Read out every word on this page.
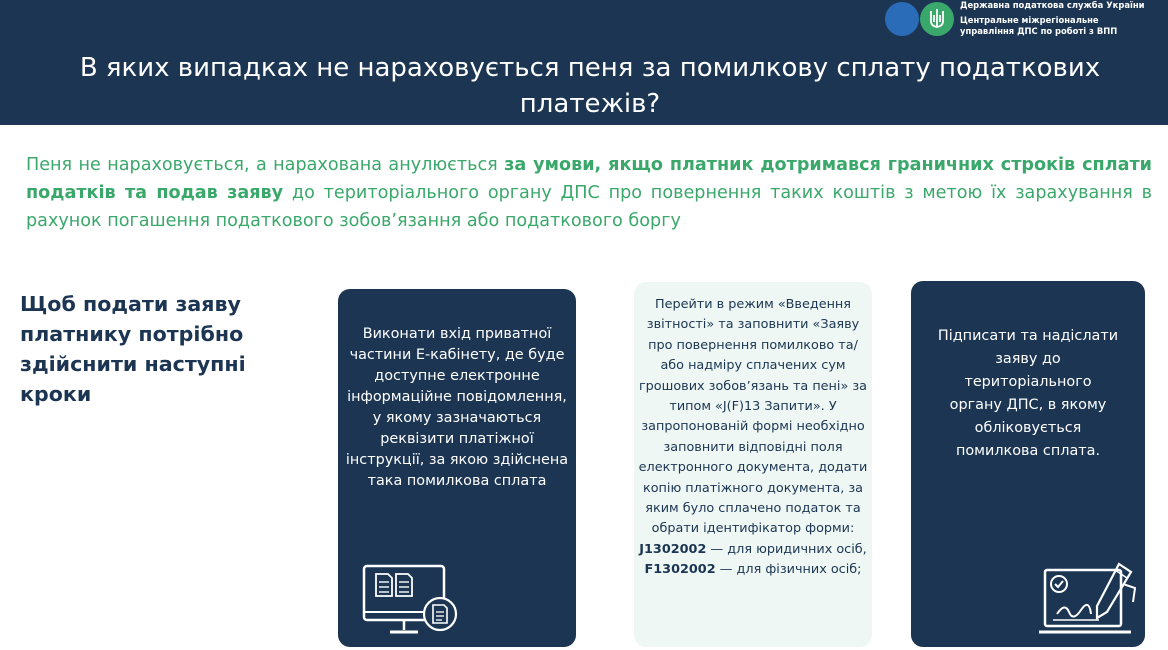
Державна податкова служба України
Центральне міжрегіональне
управління ДПС по роботі з ВПП
В яких випадках не нараховується пеня за помилкову сплату податкових платежів?

Пеня не нараховується, а нарахована анулюється за умови, якщо платник дотримався граничних строків сплати податків та подав заяву до територіального органу ДПС про повернення таких коштів з метою їх зарахування в рахунок погашення податкового зобов’язання або податкового боргу

Щоб подати заяву платнику потрібно здійснити наступні кроки
Виконати вхід приватної частини Е-кабінету, де буде доступне електронне інформаційне повідомлення, у якому зазначаються реквізити платіжної інструкції, за якою здійснена така помилкова сплата
Перейти в режим «Введення звітності» та заповнити «Заяву про повернення помилково та/або надміру сплачених сум грошових зобов’язань та пені» за типом «J(F)13 Запити». У запропонованій формі необхідно заповнити відповідні поля електронного документа, додати копію платіжного документа, за яким було сплачено податок та обрати ідентифікатор форми: J1302002 — для юридичних осіб, F1302002 — для фізичних осіб;
Підписати та надіслати заяву до територіального органу ДПС, в якому обліковується помилкова сплата.
